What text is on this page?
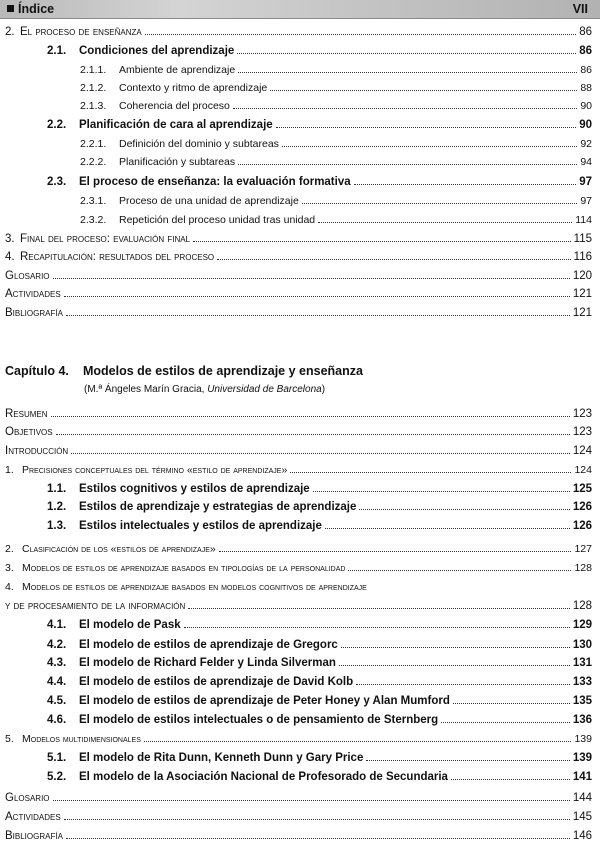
Índice	VII
2. El proceso de enseñanza	86
2.1.	Condiciones del aprendizaje	86
2.1.1.	Ambiente de aprendizaje	86
2.1.2.	Contexto y ritmo de aprendizaje	88
2.1.3.	Coherencia del proceso	90
2.2.	Planificación de cara al aprendizaje	90
2.2.1.	Definición del dominio y subtareas	92
2.2.2.	Planificación y subtareas	94
2.3.	El proceso de enseñanza: la evaluación formativa	97
2.3.1.	Proceso de una unidad de aprendizaje	97
2.3.2.	Repetición del proceso unidad tras unidad	114
3. Final del proceso: evaluación final	115
4. Recapitulación: resultados del proceso	116
Glosario	120
Actividades	121
Bibliografía	121
Capítulo 4. Modelos de estilos de aprendizaje y enseñanza
(M.ª Ángeles Marín Gracia, Universidad de Barcelona)
Resumen	123
Objetivos	123
Introducción	124
1. Precisiones conceptuales del término «estilo de aprendizaje»	124
1.1.	Estilos cognitivos y estilos de aprendizaje	125
1.2.	Estilos de aprendizaje y estrategias de aprendizaje	126
1.3.	Estilos intelectuales y estilos de aprendizaje	126
2. Clasificación de los «estilos de aprendizaje»	127
3. Modelos de estilos de aprendizaje basados en tipologías de la personalidad	128
4. Modelos de estilos de aprendizaje basados en modelos cognitivos de aprendizaje
y de procesamiento de la información	128
4.1.	El modelo de Pask	129
4.2.	El modelo de estilos de aprendizaje de Gregorc	130
4.3.	El modelo de Richard Felder y Linda Silverman	131
4.4.	El modelo de estilos de aprendizaje de David Kolb	133
4.5.	El modelo de estilos de aprendizaje de Peter Honey y Alan Mumford	135
4.6.	El modelo de estilos intelectuales o de pensamiento de Sternberg	136
5. Modelos multidimensionales	139
5.1.	El modelo de Rita Dunn, Kenneth Dunn y Gary Price	139
5.2.	El modelo de la Asociación Nacional de Profesorado de Secundaria	141
Glosario	144
Actividades	145
Bibliografía	146
